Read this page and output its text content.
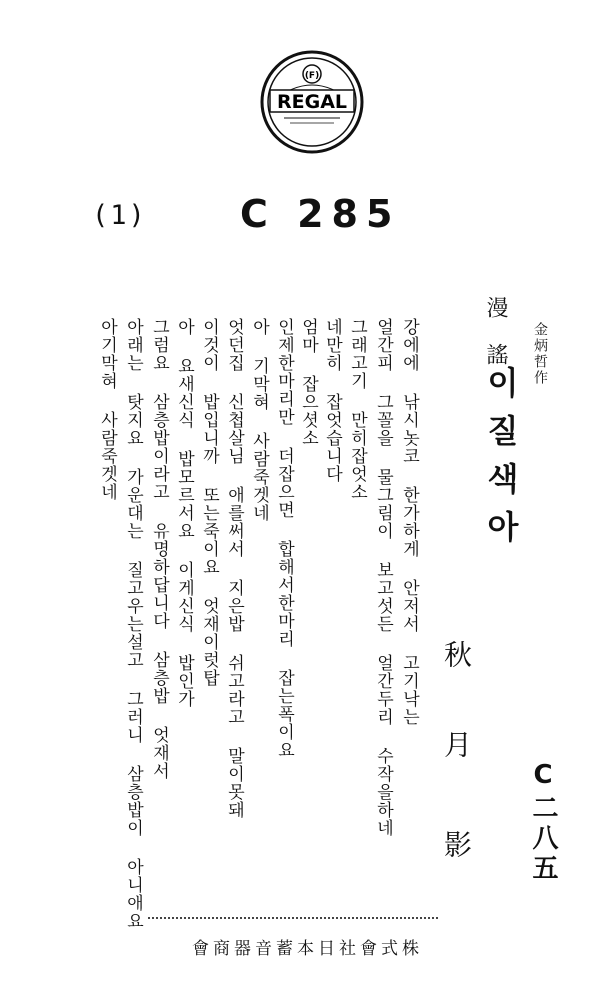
(F)
REGAL
(1) C 285
金炳哲作
漫 謠
이질색아
秋
月
影 C二八五
강에에 낚시놋코 한가하게 안저서 고기낙는
얼간피 그꼴을 물그림이 보고섯든 얼간두리 수작을하네
그래고기 만히잡엇소
네만히 잡엇습니다
엄마 잡으셧소
인제한마리만 더잡으면 합해서한마리 잡는폭이요
아 기막혀 사람죽겟네
엇던집 신첩살님 애를써서 지은밥 쉬고라고 말이못돼
이것이 밥입니까 또는죽이요 엇재이럿탑
아 요새신식 밥모르서요 이게신식 밥인가
그럼요 삼층밥이라고 유명하답니다 삼층밥 엇재서
아래는 탓지요 가운대는 질고우는설고 그러니 삼층밥이 아니애요
아기막혀 사람죽겟네
會商器音蓄本日社會式株
